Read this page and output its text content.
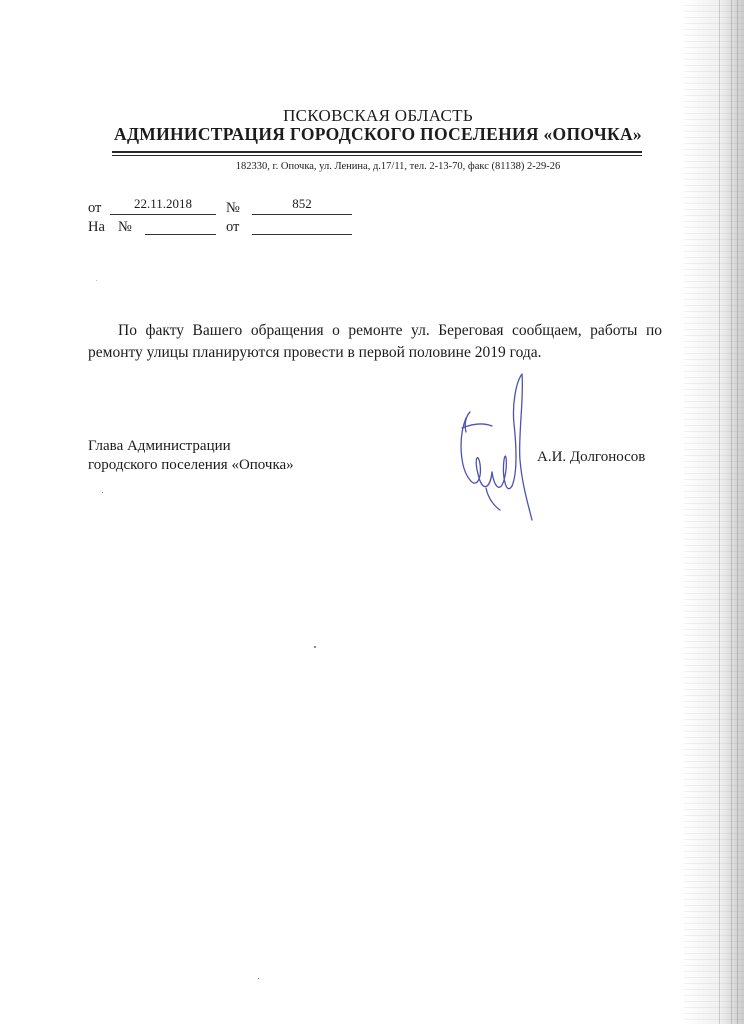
ПСКОВСКАЯ ОБЛАСТЬ
АДМИНИСТРАЦИЯ ГОРОДСКОГО ПОСЕЛЕНИЯ «ОПОЧКА»
182330, г. Опочка, ул. Ленина, д.17/11, тел. 2-13-70, факс (81138) 2-29-26
от	22.11.2018	№	852
На №	от
По факту Вашего обращения о ремонте ул. Береговая сообщаем, работы по ремонту улицы планируются провести в первой половине 2019 года.
Глава Администрации
городского поселения «Опочка»	А.И. Долгоносов
